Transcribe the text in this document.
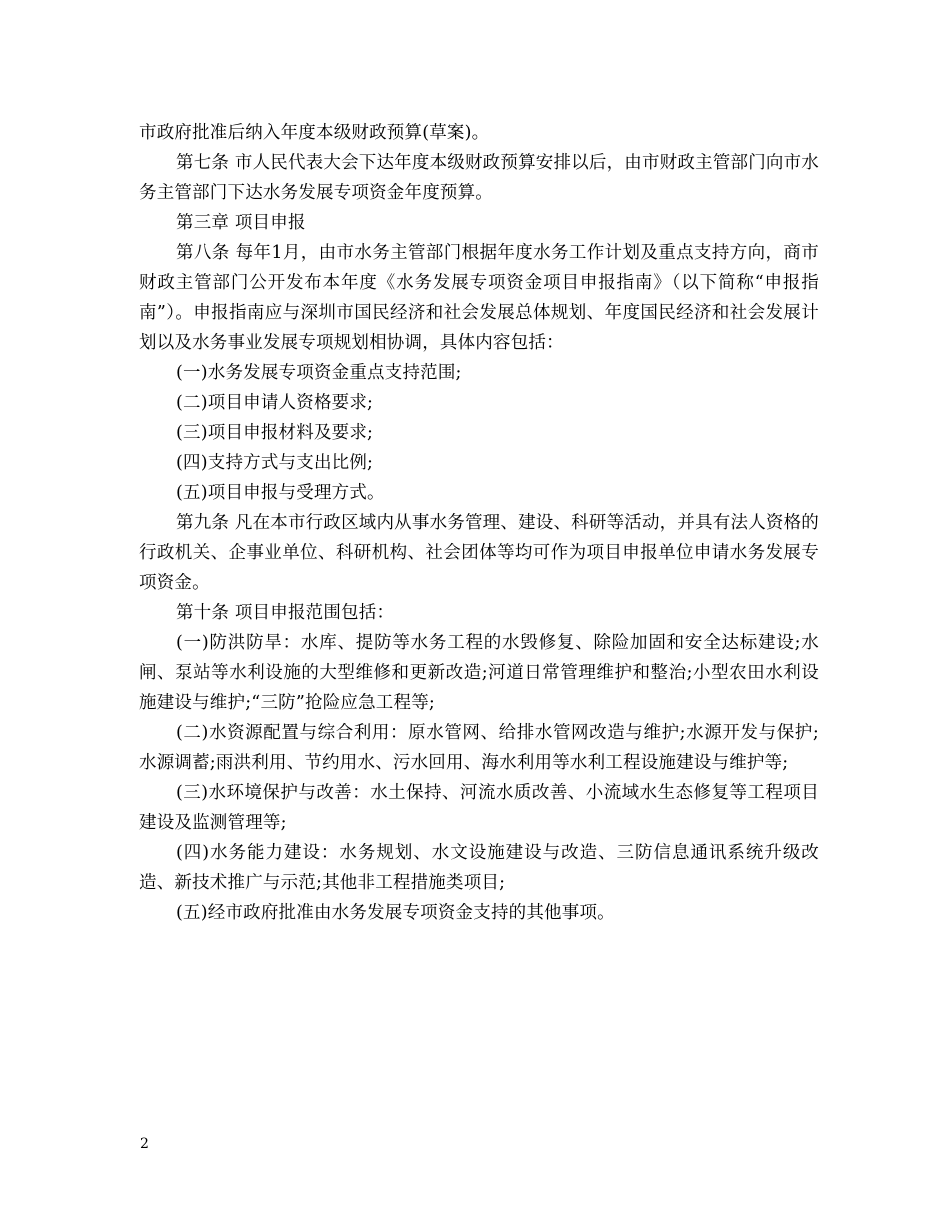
市政府批准后纳入年度本级财政预算(草案)。

第七条 市人民代表大会下达年度本级财政预算安排以后，由市财政主管部门向市水务主管部门下达水务发展专项资金年度预算。

第三章 项目申报

第八条 每年1月，由市水务主管部门根据年度水务工作计划及重点支持方向，商市财政主管部门公开发布本年度《水务发展专项资金项目申报指南》（以下简称“申报指南”）。申报指南应与深圳市国民经济和社会发展总体规划、年度国民经济和社会发展计划以及水务事业发展专项规划相协调，具体内容包括：

(一)水务发展专项资金重点支持范围;

(二)项目申请人资格要求;

(三)项目申报材料及要求;

(四)支持方式与支出比例;

(五)项目申报与受理方式。

第九条 凡在本市行政区域内从事水务管理、建设、科研等活动，并具有法人资格的行政机关、企事业单位、科研机构、社会团体等均可作为项目申报单位申请水务发展专项资金。

第十条 项目申报范围包括：

(一)防洪防旱：水库、提防等水务工程的水毁修复、除险加固和安全达标建设;水闸、泵站等水利设施的大型维修和更新改造;河道日常管理维护和整治;小型农田水利设施建设与维护;“三防”抢险应急工程等;

(二)水资源配置与综合利用：原水管网、给排水管网改造与维护;水源开发与保护;水源调蓄;雨洪利用、节约用水、污水回用、海水利用等水利工程设施建设与维护等;

(三)水环境保护与改善：水土保持、河流水质改善、小流域水生态修复等工程项目建设及监测管理等;

(四)水务能力建设：水务规划、水文设施建设与改造、三防信息通讯系统升级改造、新技术推广与示范;其他非工程措施类项目;

(五)经市政府批准由水务发展专项资金支持的其他事项。

2
